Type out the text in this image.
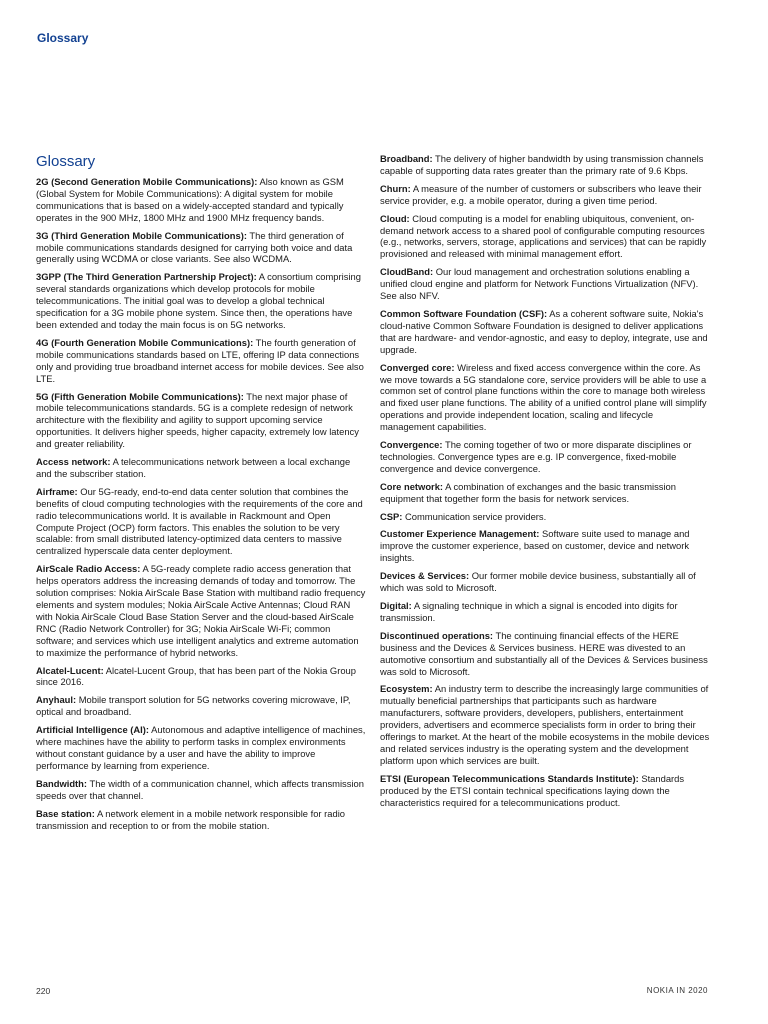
Glossary
Glossary

2G (Second Generation Mobile Communications): Also known as GSM (Global System for Mobile Communications): A digital system for mobile communications that is based on a widely-accepted standard and typically operates in the 900 MHz, 1800 MHz and 1900 MHz frequency bands.

3G (Third Generation Mobile Communications): The third generation of mobile communications standards designed for carrying both voice and data generally using WCDMA or close variants. See also WCDMA.

3GPP (The Third Generation Partnership Project): A consortium comprising several standards organizations which develop protocols for mobile telecommunications. The initial goal was to develop a global technical specification for a 3G mobile phone system. Since then, the operations have been extended and today the main focus is on 5G networks.

4G (Fourth Generation Mobile Communications): The fourth generation of mobile communications standards based on LTE, offering IP data connections only and providing true broadband internet access for mobile devices. See also LTE.

5G (Fifth Generation Mobile Communications): The next major phase of mobile telecommunications standards. 5G is a complete redesign of network architecture with the flexibility and agility to support upcoming service opportunities. It delivers higher speeds, higher capacity, extremely low latency and greater reliability.

Access network: A telecommunications network between a local exchange and the subscriber station.

Airframe: Our 5G-ready, end-to-end data center solution that combines the benefits of cloud computing technologies with the requirements of the core and radio telecommunications world. It is available in Rackmount and Open Compute Project (OCP) form factors. This enables the solution to be very scalable: from small distributed latency-optimized data centers to massive centralized hyperscale data center deployment.

AirScale Radio Access: A 5G-ready complete radio access generation that helps operators address the increasing demands of today and tomorrow. The solution comprises: Nokia AirScale Base Station with multiband radio frequency elements and system modules; Nokia AirScale Active Antennas; Cloud RAN with Nokia AirScale Cloud Base Station Server and the cloud-based AirScale RNC (Radio Network Controller) for 3G; Nokia AirScale Wi-Fi; common software; and services which use intelligent analytics and extreme automation to maximize the performance of hybrid networks.

Alcatel-Lucent: Alcatel-Lucent Group, that has been part of the Nokia Group since 2016.

Anyhaul: Mobile transport solution for 5G networks covering microwave, IP, optical and broadband.

Artificial Intelligence (AI): Autonomous and adaptive intelligence of machines, where machines have the ability to perform tasks in complex environments without constant guidance by a user and have the ability to improve performance by learning from experience.

Bandwidth: The width of a communication channel, which affects transmission speeds over that channel.

Base station: A network element in a mobile network responsible for radio transmission and reception to or from the mobile station.

Broadband: The delivery of higher bandwidth by using transmission channels capable of supporting data rates greater than the primary rate of 9.6 Kbps.

Churn: A measure of the number of customers or subscribers who leave their service provider, e.g. a mobile operator, during a given time period.

Cloud: Cloud computing is a model for enabling ubiquitous, convenient, on-demand network access to a shared pool of configurable computing resources (e.g., networks, servers, storage, applications and services) that can be rapidly provisioned and released with minimal management effort.

CloudBand: Our loud management and orchestration solutions enabling a unified cloud engine and platform for Network Functions Virtualization (NFV). See also NFV.

Common Software Foundation (CSF): As a coherent software suite, Nokia's cloud-native Common Software Foundation is designed to deliver applications that are hardware- and vendor-agnostic, and easy to deploy, integrate, use and upgrade.

Converged core: Wireless and fixed access convergence within the core. As we move towards a 5G standalone core, service providers will be able to use a common set of control plane functions within the core to manage both wireless and fixed user plane functions. The ability of a unified control plane will simplify operations and provide independent location, scaling and lifecycle management capabilities.

Convergence: The coming together of two or more disparate disciplines or technologies. Convergence types are e.g. IP convergence, fixed-mobile convergence and device convergence.

Core network: A combination of exchanges and the basic transmission equipment that together form the basis for network services.

CSP: Communication service providers.

Customer Experience Management: Software suite used to manage and improve the customer experience, based on customer, device and network insights.

Devices & Services: Our former mobile device business, substantially all of which was sold to Microsoft.

Digital: A signaling technique in which a signal is encoded into digits for transmission.

Discontinued operations: The continuing financial effects of the HERE business and the Devices & Services business. HERE was divested to an automotive consortium and substantially all of the Devices & Services business was sold to Microsoft.

Ecosystem: An industry term to describe the increasingly large communities of mutually beneficial partnerships that participants such as hardware manufacturers, software providers, developers, publishers, entertainment providers, advertisers and ecommerce specialists form in order to bring their offerings to market. At the heart of the mobile ecosystems in the mobile devices and related services industry is the operating system and the development platform upon which services are built.

ETSI (European Telecommunications Standards Institute): Standards produced by the ETSI contain technical specifications laying down the characteristics required for a telecommunications product.

220	NOKIA IN 2020
